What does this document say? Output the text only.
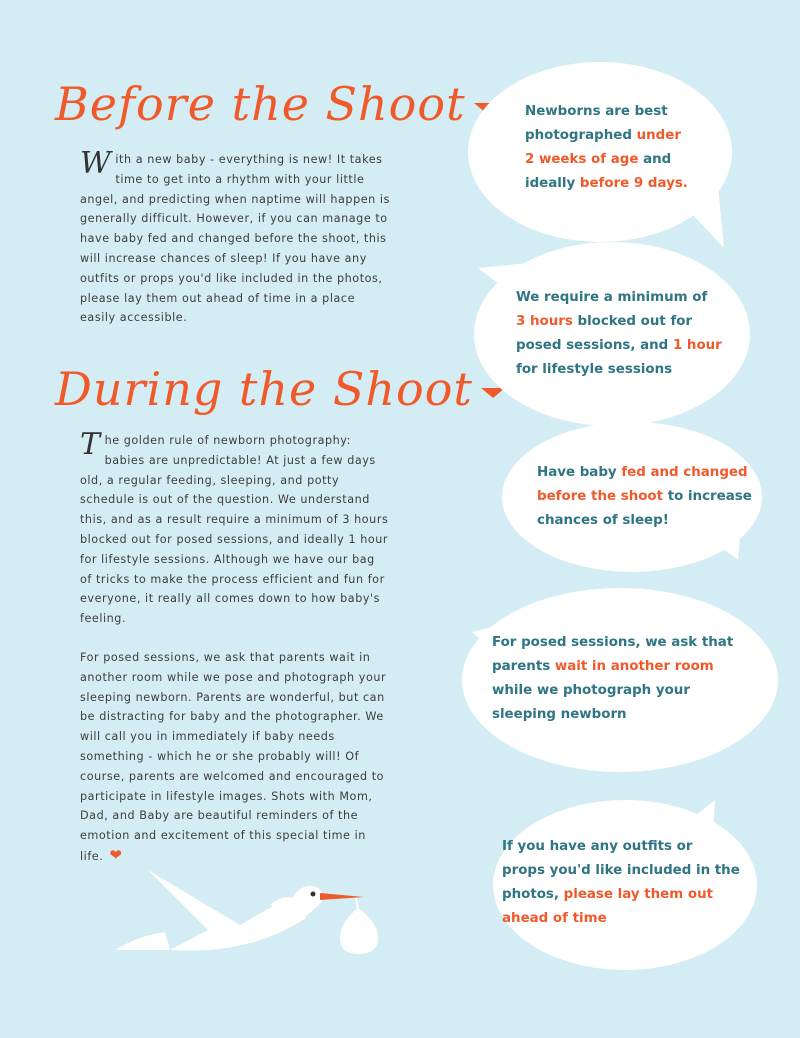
Before the Shoot
During the Shoot

With a new baby - everything is new! It takes time to get into a rhythm with your little angel, and predicting when naptime will happen is generally difficult. However, if you can manage to have baby fed and changed before the shoot, this will increase chances of sleep! If you have any outfits or props you'd like included in the photos, please lay them out ahead of time in a place easily accessible.

The golden rule of newborn photography: babies are unpredictable! At just a few days old, a regular feeding, sleeping, and potty schedule is out of the question. We understand this, and as a result require a minimum of 3 hours blocked out for posed sessions, and ideally 1 hour for lifestyle sessions. Although we have our bag of tricks to make the process efficient and fun for everyone, it really all comes down to how baby's feeling.

For posed sessions, we ask that parents wait in another room while we pose and photograph your sleeping newborn. Parents are wonderful, but can be distracting for baby and the photographer. We will call you in immediately if baby needs something - which he or she probably will! Of course, parents are welcomed and encouraged to participate in lifestyle images. Shots with Mom, Dad, and Baby are beautiful reminders of the emotion and excitement of this special time in life. ❤

Newborns are best
photographed under
2 weeks of age and
ideally before 9 days.
We require a minimum of
3 hours blocked out for
posed sessions, and 1 hour
for lifestyle sessions
Have baby fed and changed
before the shoot to increase
chances of sleep!
For posed sessions, we ask that
parents wait in another room
while we photograph your
sleeping newborn
If you have any outfits or
props you'd like included in the
photos, please lay them out
ahead of time
